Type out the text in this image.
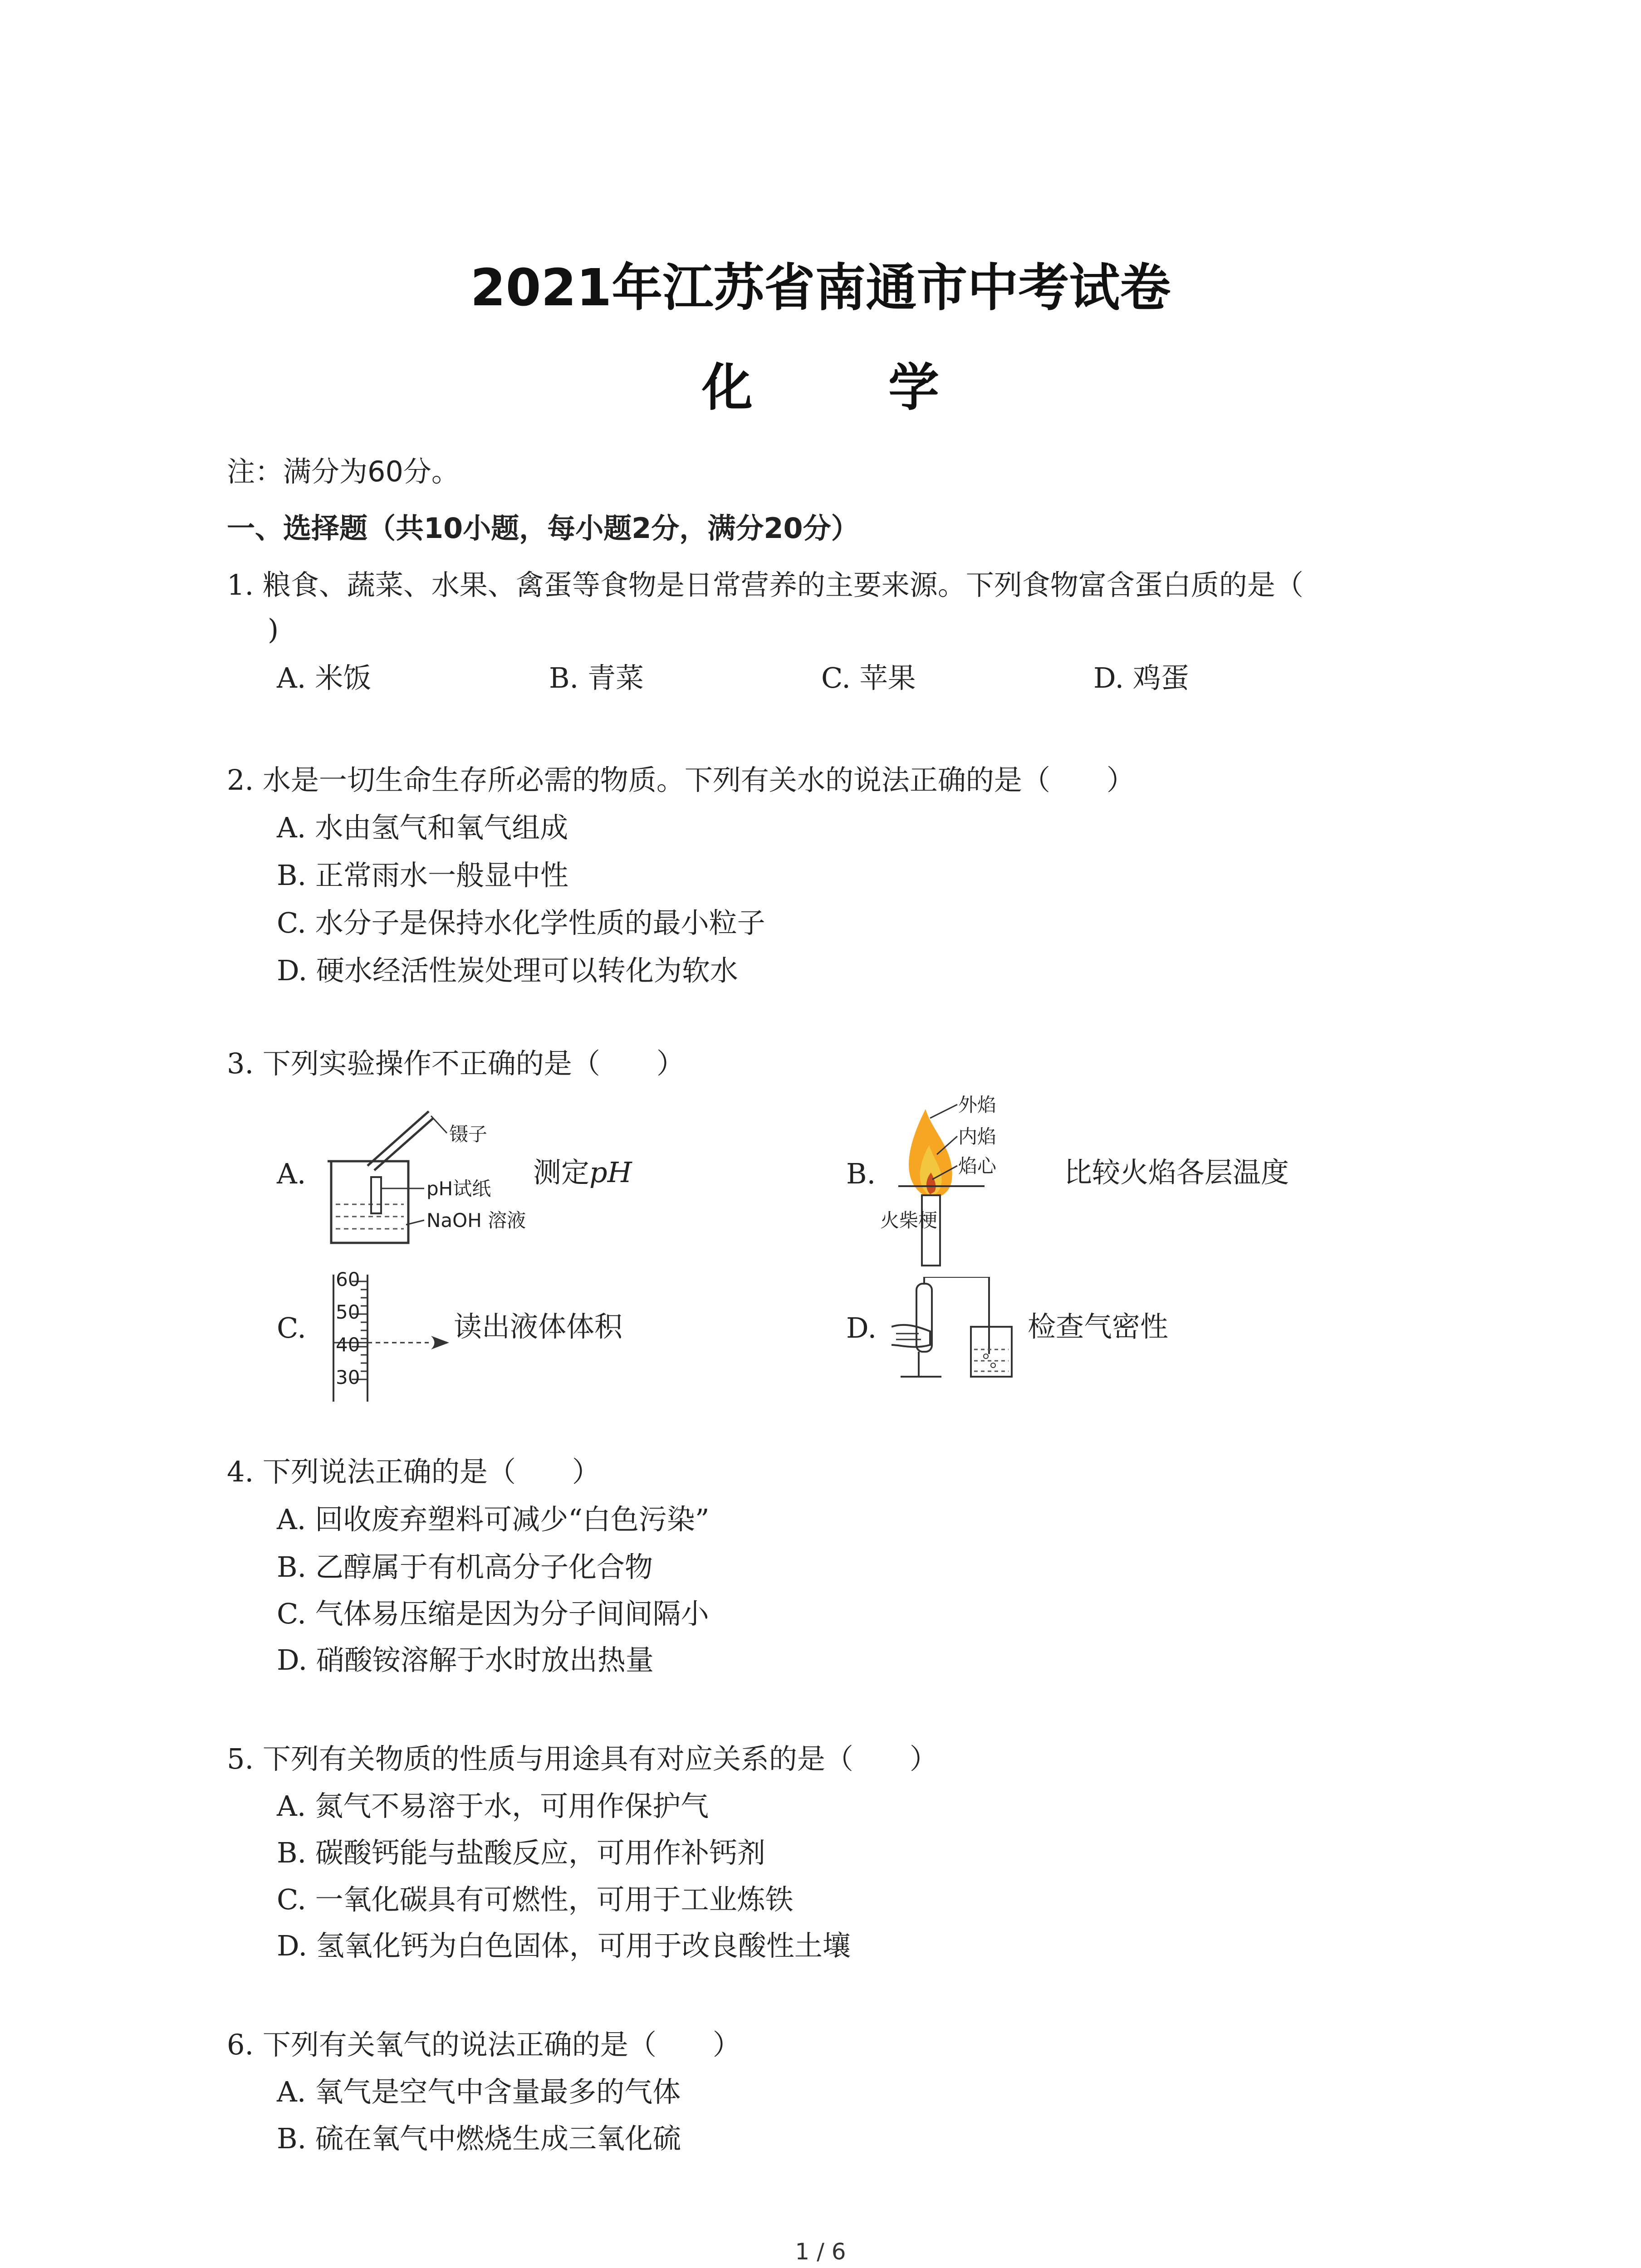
2021年江苏省南通市中考试卷
化 学
注：满分为60分。
一、选择题（共10小题，每小题2分，满分20分）
1. 粮食、蔬菜、水果、禽蛋等食物是日常营养的主要来源。下列食物富含蛋白质的是（
)
A. 米饭	B. 青菜	C. 苹果	D. 鸡蛋
2. 水是一切生命生存所必需的物质。下列有关水的说法正确的是（　　）
A. 水由氢气和氧气组成
B. 正常雨水一般显中性
C. 水分子是保持水化学性质的最小粒子
D. 硬水经活性炭处理可以转化为软水
3. 下列实验操作不正确的是（　　）
A.
镊子
pH试纸
NaOH 溶液
测定pH	B.
外焰
内焰
焰心
火柴梗
比较火焰各层温度
C.
60
50
40
30
读出液体体积	D.	检查气密性
4. 下列说法正确的是（　　）
A. 回收废弃塑料可减少“白色污染”
B. 乙醇属于有机高分子化合物
C. 气体易压缩是因为分子间间隔小
D. 硝酸铵溶解于水时放出热量
5. 下列有关物质的性质与用途具有对应关系的是（　　）
A. 氮气不易溶于水，可用作保护气
B. 碳酸钙能与盐酸反应，可用作补钙剂
C. 一氧化碳具有可燃性，可用于工业炼铁
D. 氢氧化钙为白色固体，可用于改良酸性土壤
6. 下列有关氧气的说法正确的是（　　）
A. 氧气是空气中含量最多的气体
B. 硫在氧气中燃烧生成三氧化硫
1 / 6
